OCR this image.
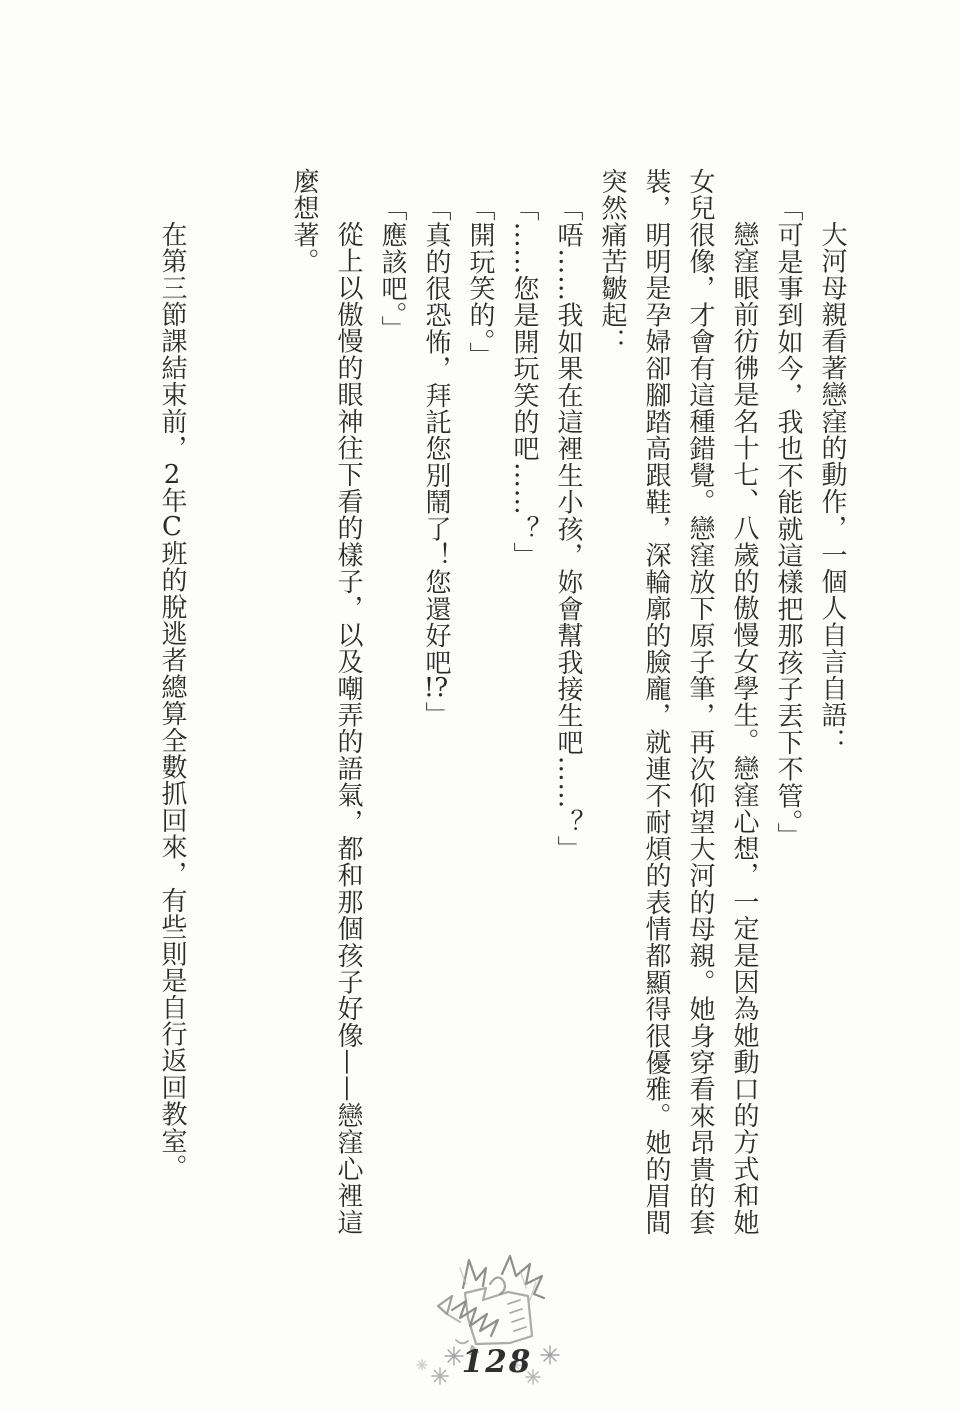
大河母親看著戀窪的動作，一個人自言自語：

「可是事到如今，我也不能就這樣把那孩子丟下不管。」

戀窪眼前彷彿是名十七、八歲的傲慢女學生。戀窪心想，一定是因為她動口的方式和她女兒很像，才會有這種錯覺。戀窪放下原子筆，再次仰望大河的母親。她身穿看來昂貴的套裝，明明是孕婦卻腳踏高跟鞋，深輪廓的臉龐，就連不耐煩的表情都顯得很優雅。她的眉間突然痛苦皺起：

「唔……我如果在這裡生小孩，妳會幫我接生吧……？」

「……您是開玩笑的吧……？」

「開玩笑的。」

「真的很恐怖，拜託您別鬧了！您還好吧!?」

「應該吧。」

從上以傲慢的眼神往下看的樣子，以及嘲弄的語氣，都和那個孩子好像——戀窪心裡這麼想著。

在第三節課結束前，2年C班的脫逃者總算全數抓回來，有些則是自行返回教室。

128
